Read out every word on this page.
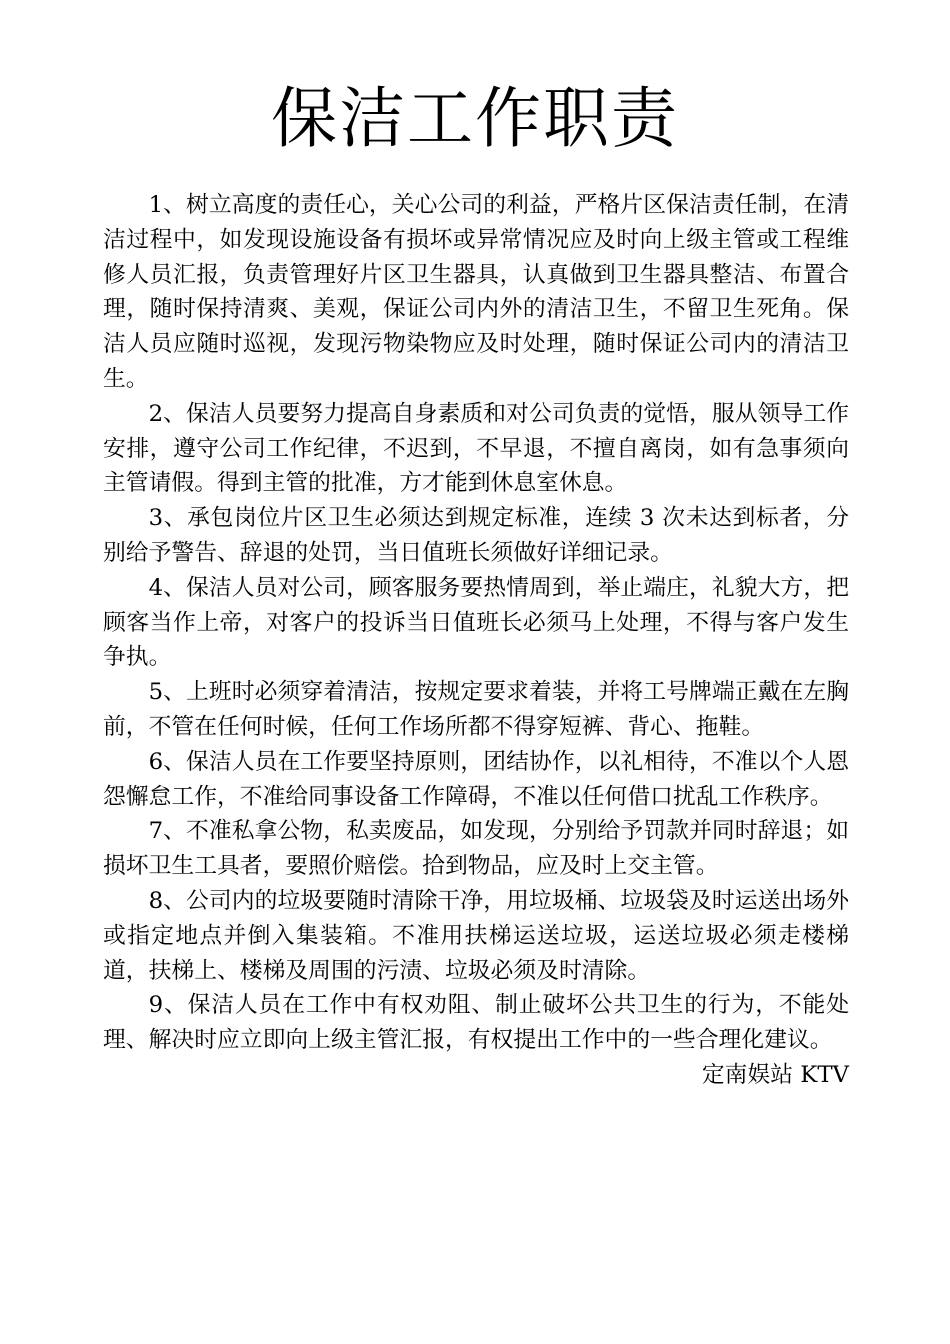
保洁工作职责

1、树立高度的责任心，关心公司的利益，严格片区保洁责任制，在清洁过程中，如发现设施设备有损坏或异常情况应及时向上级主管或工程维修人员汇报，负责管理好片区卫生器具，认真做到卫生器具整洁、布置合理，随时保持清爽、美观，保证公司内外的清洁卫生，不留卫生死角。保洁人员应随时巡视，发现污物染物应及时处理，随时保证公司内的清洁卫生。

2、保洁人员要努力提高自身素质和对公司负责的觉悟，服从领导工作安排，遵守公司工作纪律，不迟到，不早退，不擅自离岗，如有急事须向主管请假。得到主管的批准，方才能到休息室休息。

3、承包岗位片区卫生必须达到规定标准，连续 3 次未达到标者，分别给予警告、辞退的处罚，当日值班长须做好详细记录。

4、保洁人员对公司，顾客服务要热情周到，举止端庄，礼貌大方，把顾客当作上帝，对客户的投诉当日值班长必须马上处理，不得与客户发生争执。

5、上班时必须穿着清洁，按规定要求着装，并将工号牌端正戴在左胸前，不管在任何时候，任何工作场所都不得穿短裤、背心、拖鞋。

6、保洁人员在工作要坚持原则，团结协作，以礼相待，不准以个人恩怨懈怠工作，不准给同事设备工作障碍，不准以任何借口扰乱工作秩序。

7、不准私拿公物，私卖废品，如发现，分别给予罚款并同时辞退；如损坏卫生工具者，要照价赔偿。拾到物品，应及时上交主管。

8、公司内的垃圾要随时清除干净，用垃圾桶、垃圾袋及时运送出场外或指定地点并倒入集装箱。不准用扶梯运送垃圾，运送垃圾必须走楼梯道，扶梯上、楼梯及周围的污渍、垃圾必须及时清除。

9、保洁人员在工作中有权劝阻、制止破坏公共卫生的行为，不能处理、解决时应立即向上级主管汇报，有权提出工作中的一些合理化建议。

定南娱站 KTV
